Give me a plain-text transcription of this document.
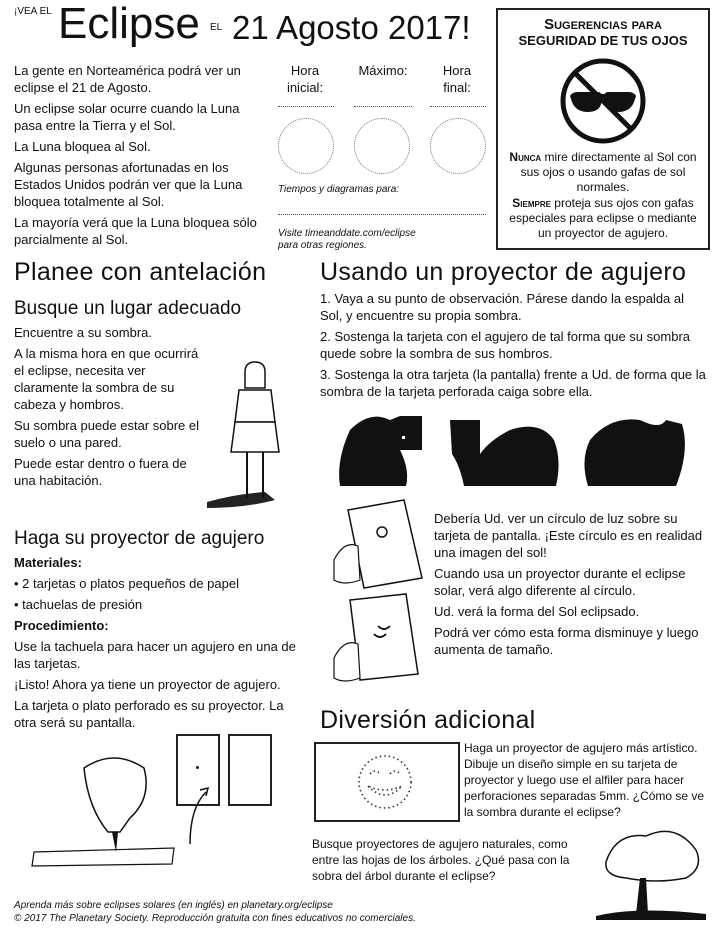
¡VEA EL Eclipse EL 21 Agosto 2017!

La gente en Norteamérica podrá ver un eclipse el 21 de Agosto.

Un eclipse solar ocurre cuando la Luna pasa entre la Tierra y el Sol.

La Luna bloquea al Sol.

Algunas personas afortunadas en los Estados Unidos podrán ver que la Luna bloquea totalmente al Sol.

La mayoría verá que la Luna bloquea sólo parcialmente al Sol.

Hora inicial:
Máximo:	Hora final:
Tiempos y diagramas para:
Visite timeanddate.com/eclipse para otras regiones.
Sugerencias para
SEGURIDAD DE TUS OJOS
Nunca mire directamente al Sol con sus ojos o usando gafas de sol normales.
Siempre proteja sus ojos con gafas especiales para eclipse o mediante un proyector de agujero.
Planee con antelación
Busque un lugar adecuado

Encuentre a su sombra.

A la misma hora en que ocurrirá el eclipse, necesita ver claramente la sombra de su cabeza y hombros.

Su sombra puede estar sobre el suelo o una pared.

Puede estar dentro o fuera de una habitación.

Haga su proyector de agujero

Materiales:

• 2 tarjetas o platos pequeños de papel

• tachuelas de presión

Procedimiento:

Use la tachuela para hacer un agujero en una de las tarjetas.

¡Listo! Ahora ya tiene un proyector de agujero.

La tarjeta o plato perforado es su proyector. La otra será su pantalla.

Usando un proyector de agujero

1. Vaya a su punto de observación. Párese dando la espalda al Sol, y encuentre su propia sombra.

2. Sostenga la tarjeta con el agujero de tal forma que su sombra quede sobre la sombra de sus hombros.

3. Sostenga la otra tarjeta (la pantalla) frente a Ud. de forma que la sombra de la tarjeta perforada caiga sobre ella.

Debería Ud. ver un círculo de luz sobre su tarjeta de pantalla. ¡Este círculo es en realidad una imagen del sol!

Cuando usa un proyector durante el eclipse solar, verá algo diferente al círculo.

Ud. verá la forma del Sol eclipsado.

Podrá ver cómo esta forma disminuye y luego aumenta de tamaño.

Diversión adicional
Haga un proyector de agujero más artístico. Dibuje un diseño simple en su tarjeta de proyector y luego use el alfiler para hacer perforaciones separadas 5mm. ¿Cómo se ve la sombra durante el eclipse?
Busque proyectores de agujero naturales, como entre las hojas de los árboles. ¿Qué pasa con la sobra del árbol durante el eclipse?
Aprenda más sobre eclipses solares (en inglés) en planetary.org/eclipse
© 2017 The Planetary Society. Reproducción gratuita con fines educativos no comerciales.
